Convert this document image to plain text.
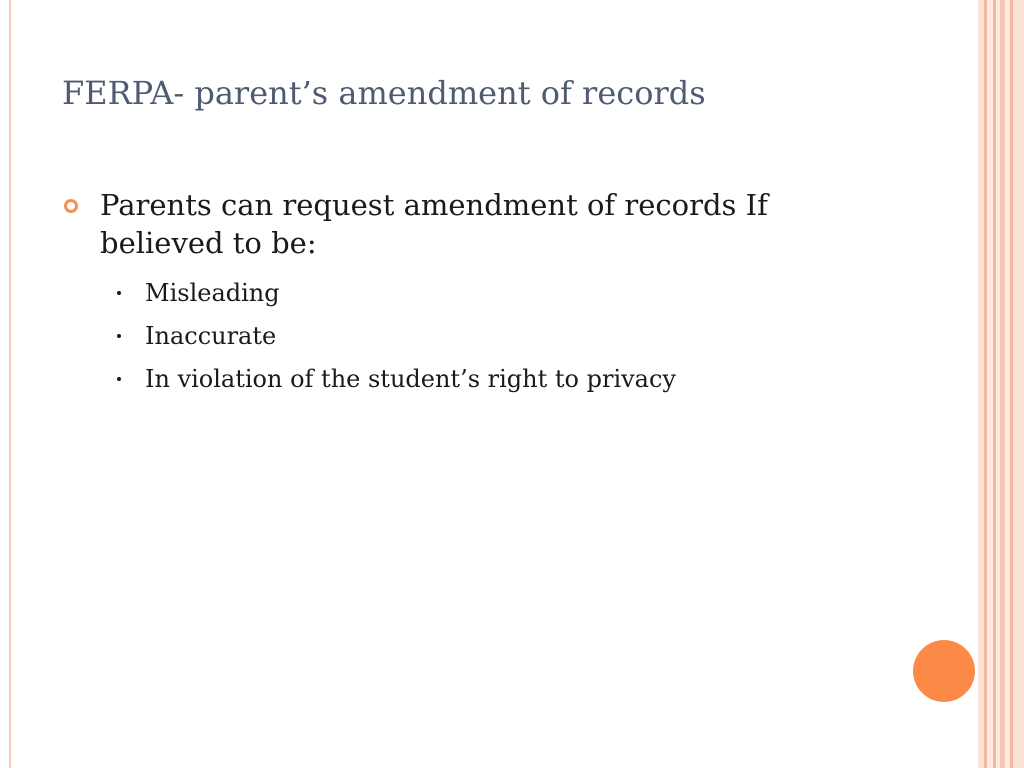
FERPA- parent’s amendment of records
Parents can request amendment of records If believed to be:
Misleading
Inaccurate
In violation of the student’s right to privacy
